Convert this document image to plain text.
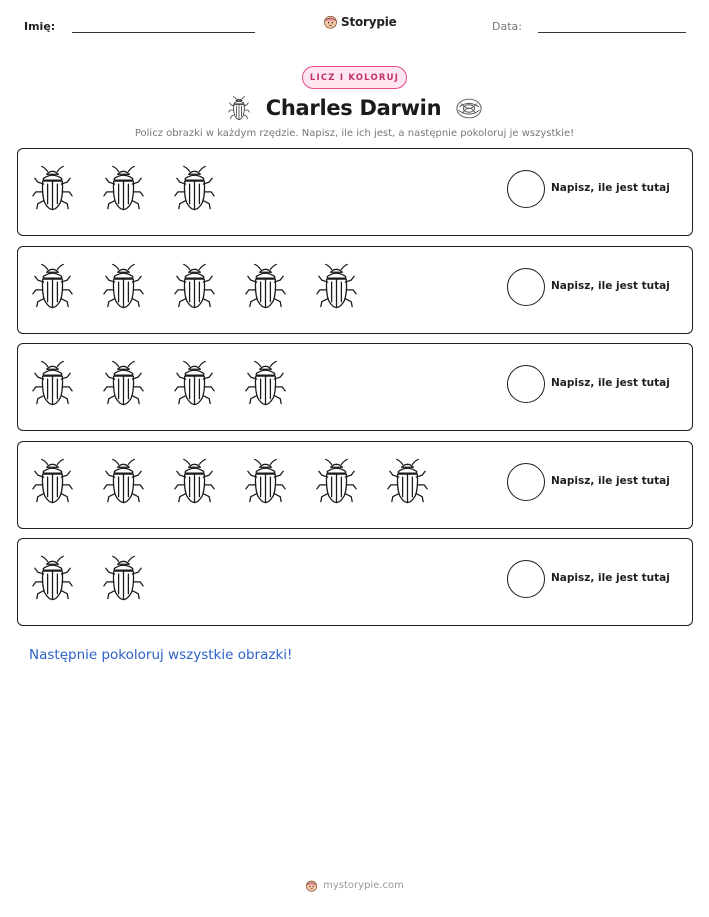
Imię:	Storypie	Data:
LICZ I KOLORUJ
Charles Darwin
Policz obrazki w każdym rzędzie. Napisz, ile ich jest, a następnie pokoloruj je wszystkie!
Napisz, ile jest tutaj
Napisz, ile jest tutaj
Napisz, ile jest tutaj
Napisz, ile jest tutaj
Napisz, ile jest tutaj
Następnie pokoloruj wszystkie obrazki!
mystorypie.com
